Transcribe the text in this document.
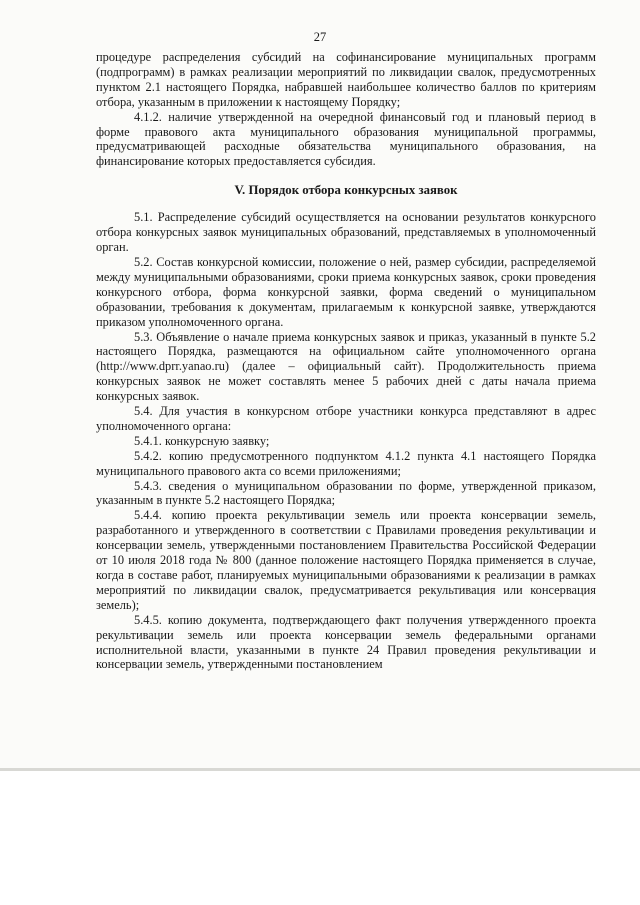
27

процедуре распределения субсидий на софинансирование муниципальных программ (подпрограмм) в рамках реализации мероприятий по ликвидации свалок, предусмотренных пунктом 2.1 настоящего Порядка, набравшей наибольшее количество баллов по критериям отбора, указанным в приложении к настоящему Порядку;

4.1.2. наличие утвержденной на очередной финансовый год и плановый период в форме правового акта муниципального образования муниципальной программы, предусматривающей расходные обязательства муниципального образования, на финансирование которых предоставляется субсидия.

V. Порядок отбора конкурсных заявок

5.1. Распределение субсидий осуществляется на основании результатов конкурсного отбора конкурсных заявок муниципальных образований, представляемых в уполномоченный орган.

5.2. Состав конкурсной комиссии, положение о ней, размер субсидии, распределяемой между муниципальными образованиями, сроки приема конкурсных заявок, сроки проведения конкурсного отбора, форма конкурсной заявки, форма сведений о муниципальном образовании, требования к документам, прилагаемым к конкурсной заявке, утверждаются приказом уполномоченного органа.

5.3. Объявление о начале приема конкурсных заявок и приказ, указанный в пункте 5.2 настоящего Порядка, размещаются на официальном сайте уполномоченного органа (http://www.dprr.yanao.ru) (далее – официальный сайт). Продолжительность приема конкурсных заявок не может составлять менее 5 рабочих дней с даты начала приема конкурсных заявок.

5.4. Для участия в конкурсном отборе участники конкурса представляют в адрес уполномоченного органа:

5.4.1. конкурсную заявку;

5.4.2. копию предусмотренного подпунктом 4.1.2 пункта 4.1 настоящего Порядка муниципального правового акта со всеми приложениями;

5.4.3. сведения о муниципальном образовании по форме, утвержденной приказом, указанным в пункте 5.2 настоящего Порядка;

5.4.4. копию проекта рекультивации земель или проекта консервации земель, разработанного и утвержденного в соответствии с Правилами проведения рекультивации и консервации земель, утвержденными постановлением Правительства Российской Федерации от 10 июля 2018 года № 800 (данное положение настоящего Порядка применяется в случае, когда в составе работ, планируемых муниципальными образованиями к реализации в рамках мероприятий по ликвидации свалок, предусматривается рекультивация или консервация земель);

5.4.5. копию документа, подтверждающего факт получения утвержденного проекта рекультивации земель или проекта консервации земель федеральными органами исполнительной власти, указанными в пункте 24 Правил проведения рекультивации и консервации земель, утвержденными постановлением
